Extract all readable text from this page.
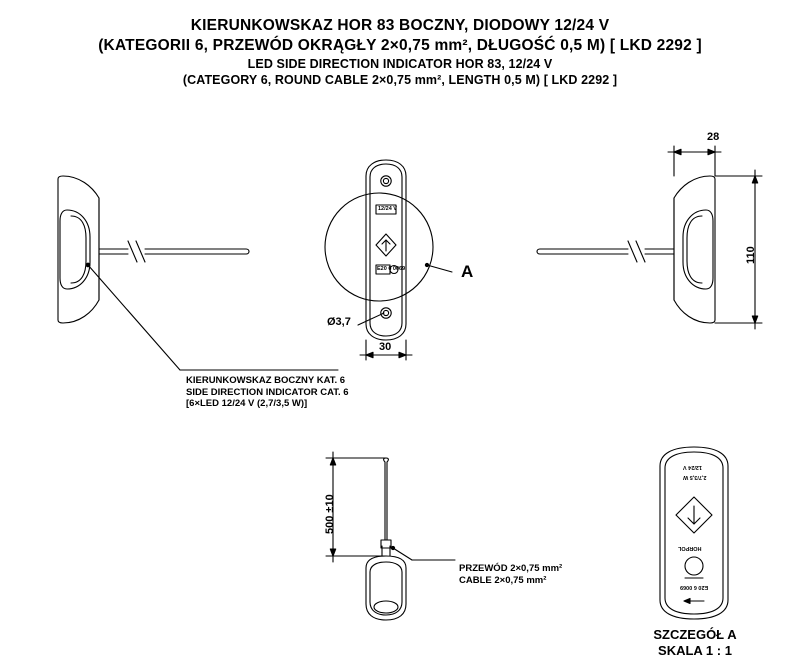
KIERUNKOWSKAZ HOR 83 BOCZNY, DIODOWY 12/24 V
(KATEGORII 6, PRZEWÓD OKRĄGŁY 2×0,75 mm², DŁUGOŚĆ 0,5 M) [ LKD 2292 ]
LED SIDE DIRECTION INDICATOR HOR 83, 12/24 V
(CATEGORY 6, ROUND CABLE 2×0,75 mm², LENGTH 0,5 M) [ LKD 2292 ]
KIERUNKOWSKAZ BOCZNY KAT. 6
SIDE DIRECTION INDICATOR CAT. 6
[6×LED 12/24 V (2,7/3,5 W)]
PRZEWÓD 2×0,75 mm²
CABLE 2×0,75 mm²
A
28
110
30
Ø3,7
500 ±10
SZCZEGÓŁ A
SKALA 1 : 1
12/24 V
2,7/3,5 W
HORPOL
E20 6 0069
12/24 V
E20 6 0069
